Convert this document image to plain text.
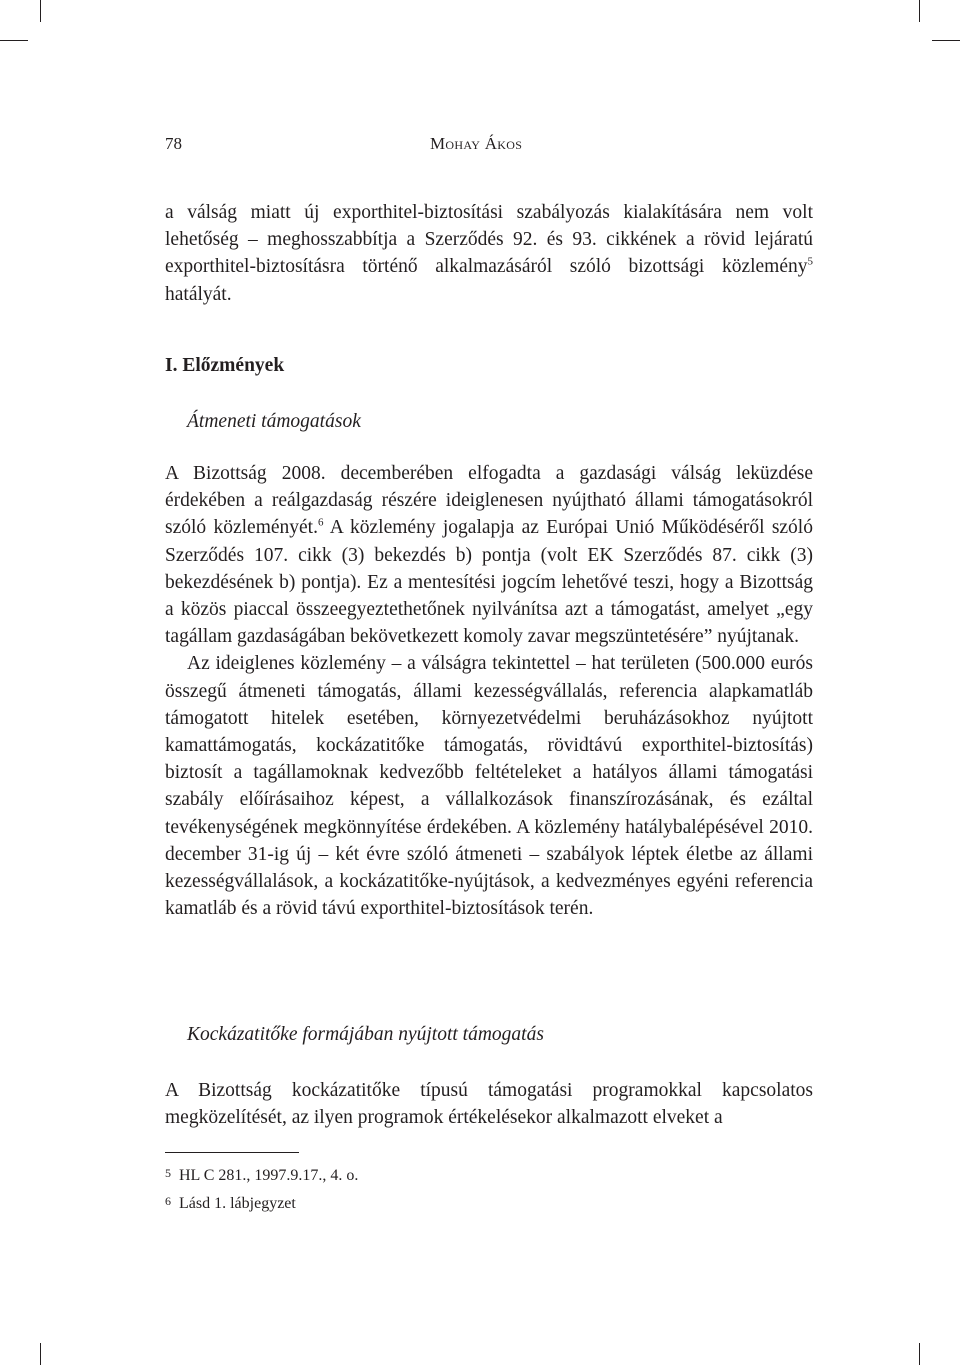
78	Mohay Ákos

a válság miatt új exporthitel-biztosítási szabályozás kialakítására nem volt lehetőség – meghosszabbítja a Szerződés 92. és 93. cikkének a rövid lejáratú exporthitel-biztosításra történő alkalmazásáról szóló bizottsági közlemény$^5$ hatályát.

I. Előzmények
Átmeneti támogatások

A Bizottság 2008. decemberében elfogadta a gazdasági válság leküzdése érdekében a reálgazdaság részére ideiglenesen nyújtható állami támogatásokról szóló közleményét.$^6$ A közlemény jogalapja az Európai Unió Működéséről szóló Szerződés 107. cikk (3) bekezdés b) pontja (volt EK Szerződés 87. cikk (3) bekezdésének b) pontja). Ez a mentesítési jogcím lehetővé teszi, hogy a Bizottság a közös piaccal összeegyeztethetőnek nyilvánítsa azt a támogatást, amelyet „egy tagállam gazdaságában bekövetkezett komoly zavar megszüntetésére” nyújtanak.

Az ideiglenes közlemény – a válságra tekintettel – hat területen (500.000 eurós összegű átmeneti támogatás, állami kezességvállalás, referencia alapkamatláb támogatott hitelek esetében, környezetvédelmi beruházásokhoz nyújtott kamattámogatás, kockázatitőke támogatás, rövidtávú exporthitel-biztosítás) biztosít a tagállamoknak kedvezőbb feltételeket a hatályos állami támogatási szabály előírásaihoz képest, a vállalkozások finanszírozásának, és ezáltal tevékenységének megkönnyítése érdekében. A közlemény hatálybalépésével 2010. december 31-ig új – két évre szóló átmeneti – szabályok léptek életbe az állami kezességvállalások, a kockázatitőke-nyújtások, a kedvezményes egyéni referencia kamatláb és a rövid távú exporthitel-biztosítások terén.

Kockázatitőke formájában nyújtott támogatás

A Bizottság kockázatitőke típusú támogatási programokkal kapcsolatos megközelítését, az ilyen programok értékelésekor alkalmazott elveket a

5 HL C 281., 1997.9.17., 4. o.
6 Lásd 1. lábjegyzet
